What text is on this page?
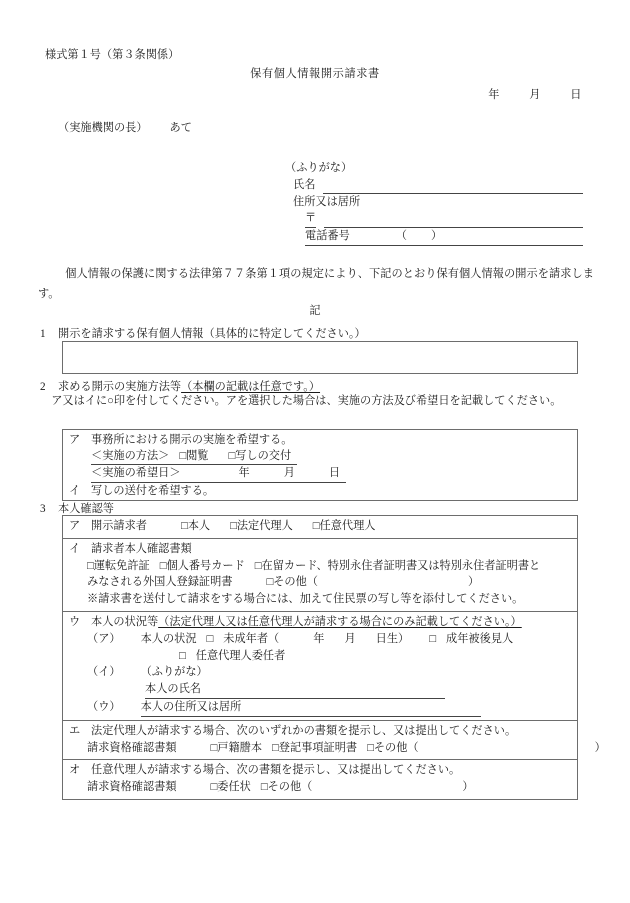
様式第１号（第３条関係）
保有個人情報開示請求書
年	月	日
（実施機関の長） あて
（ふりがな）
氏名
住所又は居所
〒
電話番号	（ ）
　個人情報の保護に関する法律第７７条第１項の規定により、下記のとおり保有個人情報の開示を請求します。
記
1 開示を請求する保有個人情報（具体的に特定してください。）
2 求める開示の実施方法等（本欄の記載は任意です。）
　ア又はイに○印を付してください。アを選択した場合は、実施の方法及び希望日を記載してください。
ア 事務所における開示の実施を希望する。
＜実施の方法＞ □閲覧 □写しの交付
＜実施の希望日＞	年	月	日
イ 写しの送付を希望する。
3 本人確認等
ア 開示請求者	□本人 □法定代理人 □任意代理人
イ 請求者本人確認書類
□運転免許証 □個人番号カード □在留カード、特別永住者証明書又は特別永住者証明書と
みなされる外国人登録証明書	□その他（	）
※請求書を送付して請求をする場合には、加えて住民票の写し等を添付してください。
ウ 本人の状況等（法定代理人又は任意代理人が請求する場合にのみ記載してください。）
（ア） 本人の状況 □ 未成年者（	年 月 日生） □ 成年被後見人
□ 任意代理人委任者
（イ） （ふりがな）
本人の氏名
（ウ） 本人の住所又は居所
エ 法定代理人が請求する場合、次のいずれかの書類を提示し、又は提出してください。
請求資格確認書類	□戸籍謄本 □登記事項証明書 □その他（	）
オ 任意代理人が請求する場合、次の書類を提示し、又は提出してください。
請求資格確認書類	□委任状 □その他（	）
